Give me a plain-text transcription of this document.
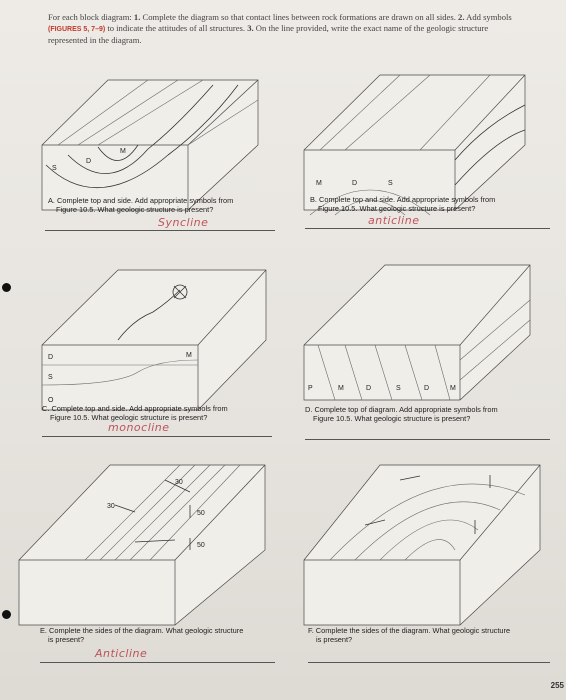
For each block diagram: 1. Complete the diagram so that contact lines between rock formations are drawn on all sides. 2. Add symbols (FIGURES 5, 7–9) to indicate the attitudes of all structures. 3. On the line provided, write the exact name of the geologic structure represented in the diagram.
S
D
M
A. Complete top and side. Add appropriate symbols from
Figure 10.5. What geologic structure is present?
Syncline
M	D	S
B. Complete top and side. Add appropriate symbols from
Figure 10.5. What geologic structure is present?
anticline
D
S
O
M
C. Complete top and side. Add appropriate symbols from
Figure 10.5. What geologic structure is present?
monocline
P	M	D	S	D	M
D. Complete top of diagram. Add appropriate symbols from
Figure 10.5. What geologic structure is present?
30
30
50
50
E. Complete the sides of the diagram. What geologic structure
is present?
Anticline
F. Complete the sides of the diagram. What geologic structure
is present?
255
